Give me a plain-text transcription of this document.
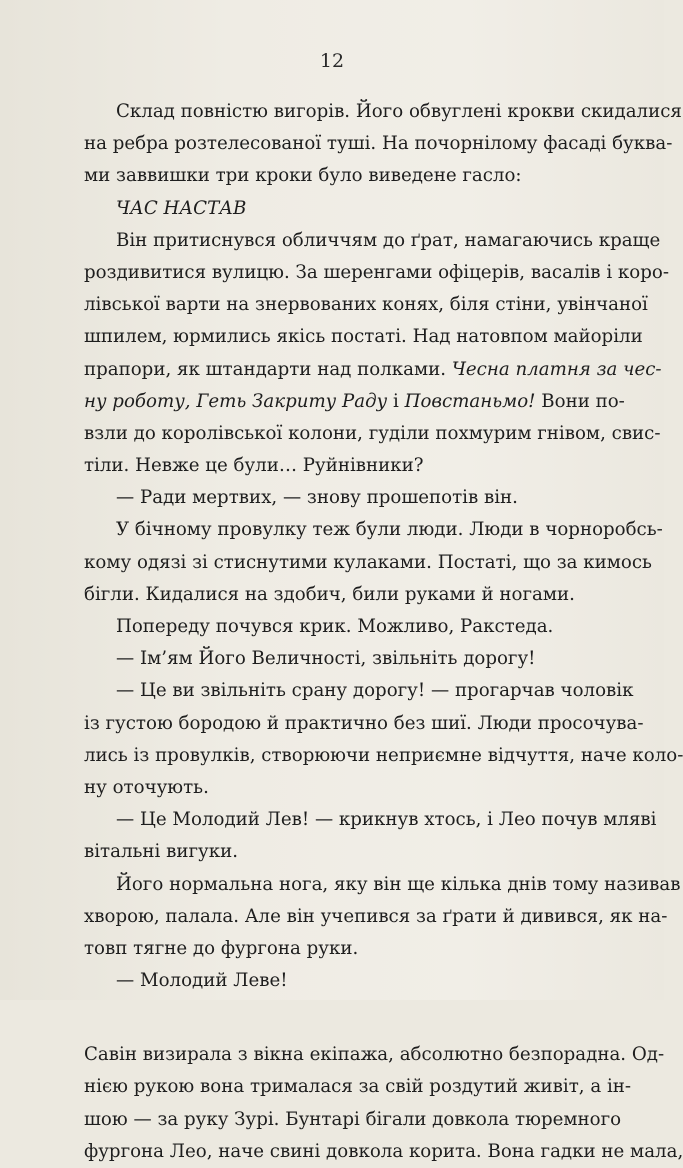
12
Склад повністю вигорів. Його обвуглені крокви скидалися
на ребра розтелесованої туші. На почорнілому фасаді буква-
ми заввишки три кроки було виведене гасло:
ЧАС НАСТАВ
Він притиснувся обличчям до ґрат, намагаючись краще
роздивитися вулицю. За шеренгами офіцерів, васалів і коро-
лівської варти на знервованих конях, біля стіни, увінчаної
шпилем, юрмились якісь постаті. Над натовпом майоріли
прапори, як штандарти над полками. Чесна платня за чес-
ну роботу, Геть Закриту Раду і Повстаньмо! Вони по-
взли до королівської колони, гуділи похмурим гнівом, свис-
тіли. Невже це були… Руйнівники?
— Ради мертвих, — знову прошепотів він.
У бічному провулку теж були люди. Люди в чорноробсь-
кому одязі зі стиснутими кулаками. Постаті, що за кимось
бігли. Кидалися на здобич, били руками й ногами.
Попереду почувся крик. Можливо, Ракстеда.
— Ім’ям Його Величності, звільніть дорогу!
— Це ви звільніть срану дорогу! — прогарчав чоловік
із густою бородою й практично без шиї. Люди просочува-
лись із провулків, створюючи неприємне відчуття, наче коло-
ну оточують.
— Це Молодий Лев! — крикнув хтось, і Лео почув мляві
вітальні вигуки.
Його нормальна нога, яку він ще кілька днів тому називав
хворою, палала. Але він учепився за ґрати й дивився, як на-
товп тягне до фургона руки.
— Молодий Леве!
Савін визирала з вікна екіпажа, абсолютно безпорадна. Од-
нією рукою вона трималася за свій роздутий живіт, а ін-
шою — за руку Зурі. Бунтарі бігали довкола тюремного
фургона Лео, наче свині довкола корита. Вона гадки не мала,
